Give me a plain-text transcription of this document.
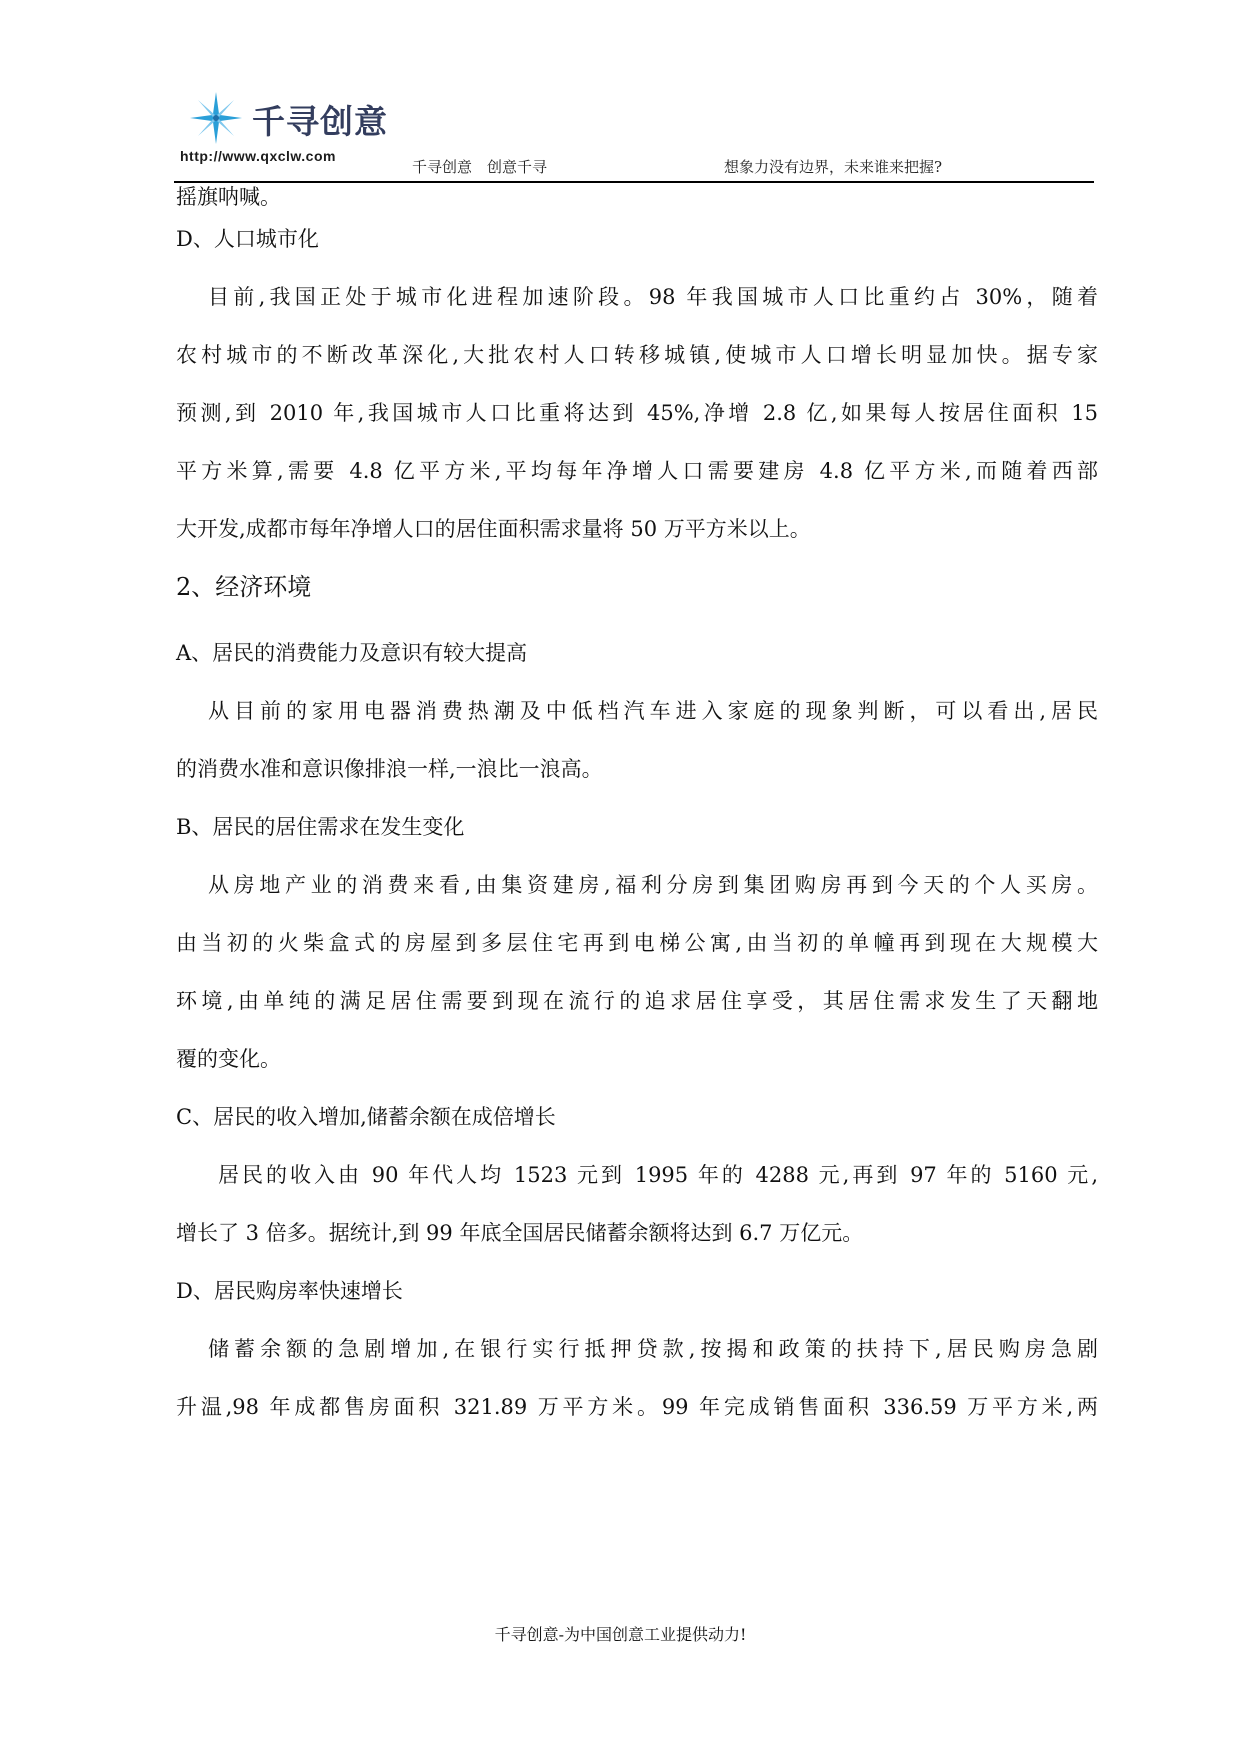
千寻创意
http://www.qxclw.com
千寻创意　创意千寻	想象力没有边界，未来谁来把握?
摇旗呐喊。
D、人口城市化
目前,我国正处于城市化进程加速阶段。98 年我国城市人口比重约占 30%，随着
农村城市的不断改革深化,大批农村人口转移城镇,使城市人口增长明显加快。据专家
预测,到 2010 年,我国城市人口比重将达到 45%,净增 2.8 亿,如果每人按居住面积 15
平方米算,需要 4.8 亿平方米,平均每年净增人口需要建房 4.8 亿平方米,而随着西部
大开发,成都市每年净增人口的居住面积需求量将 50 万平方米以上。
2、经济环境
A、居民的消费能力及意识有较大提高
从目前的家用电器消费热潮及中低档汽车进入家庭的现象判断，可以看出,居民
的消费水准和意识像排浪一样,一浪比一浪高。
B、居民的居住需求在发生变化
从房地产业的消费来看,由集资建房,福利分房到集团购房再到今天的个人买房。
由当初的火柴盒式的房屋到多层住宅再到电梯公寓,由当初的单幢再到现在大规模大
环境,由单纯的满足居住需要到现在流行的追求居住享受，其居住需求发生了天翻地
覆的变化。
C、居民的收入增加,储蓄余额在成倍增长
居民的收入由 90 年代人均 1523 元到 1995 年的 4288 元,再到 97 年的 5160 元,
增长了 3 倍多。据统计,到 99 年底全国居民储蓄余额将达到 6.7 万亿元。
D、居民购房率快速增长
储蓄余额的急剧增加,在银行实行抵押贷款,按揭和政策的扶持下,居民购房急剧
升温,98 年成都售房面积 321.89 万平方米。99 年完成销售面积 336.59 万平方米,两
千寻创意-为中国创意工业提供动力!
